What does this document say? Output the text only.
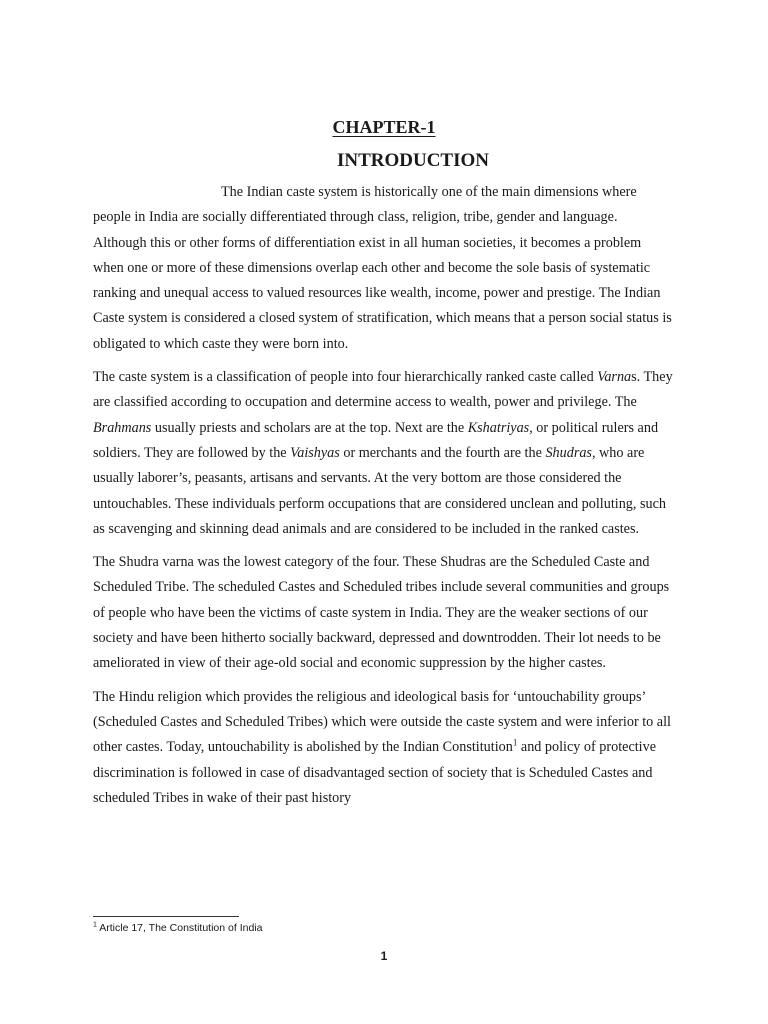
CHAPTER-1
INTRODUCTION

The Indian caste system is historically one of the main dimensions where people in India are socially differentiated through class, religion, tribe, gender and language. Although this or other forms of differentiation exist in all human societies, it becomes a problem when one or more of these dimensions overlap each other and become the sole basis of systematic ranking and unequal access to valued resources like wealth, income, power and prestige. The Indian Caste system is considered a closed system of stratification, which means that a person social status is obligated to which caste they were born into.

The caste system is a classification of people into four hierarchically ranked caste called Varnas. They are classified according to occupation and determine access to wealth, power and privilege. The Brahmans usually priests and scholars are at the top. Next are the Kshatriyas, or political rulers and soldiers. They are followed by the Vaishyas or merchants and the fourth are the Shudras, who are usually laborer’s, peasants, artisans and servants. At the very bottom are those considered the untouchables. These individuals perform occupations that are considered unclean and polluting, such as scavenging and skinning dead animals and are considered to be included in the ranked castes.

The Shudra varna was the lowest category of the four. These Shudras are the Scheduled Caste and Scheduled Tribe. The scheduled Castes and Scheduled tribes include several communities and groups of people who have been the victims of caste system in India. They are the weaker sections of our society and have been hitherto socially backward, depressed and downtrodden. Their lot needs to be ameliorated in view of their age-old social and economic suppression by the higher castes.

The Hindu religion which provides the religious and ideological basis for ‘untouchability groups’ (Scheduled Castes and Scheduled Tribes) which were outside the caste system and were inferior to all other castes. Today, untouchability is abolished by the Indian Constitution$^1$ and policy of protective discrimination is followed in case of disadvantaged section of society that is Scheduled Castes and scheduled Tribes in wake of their past history

$^1$ Article 17, The Constitution of India
1
